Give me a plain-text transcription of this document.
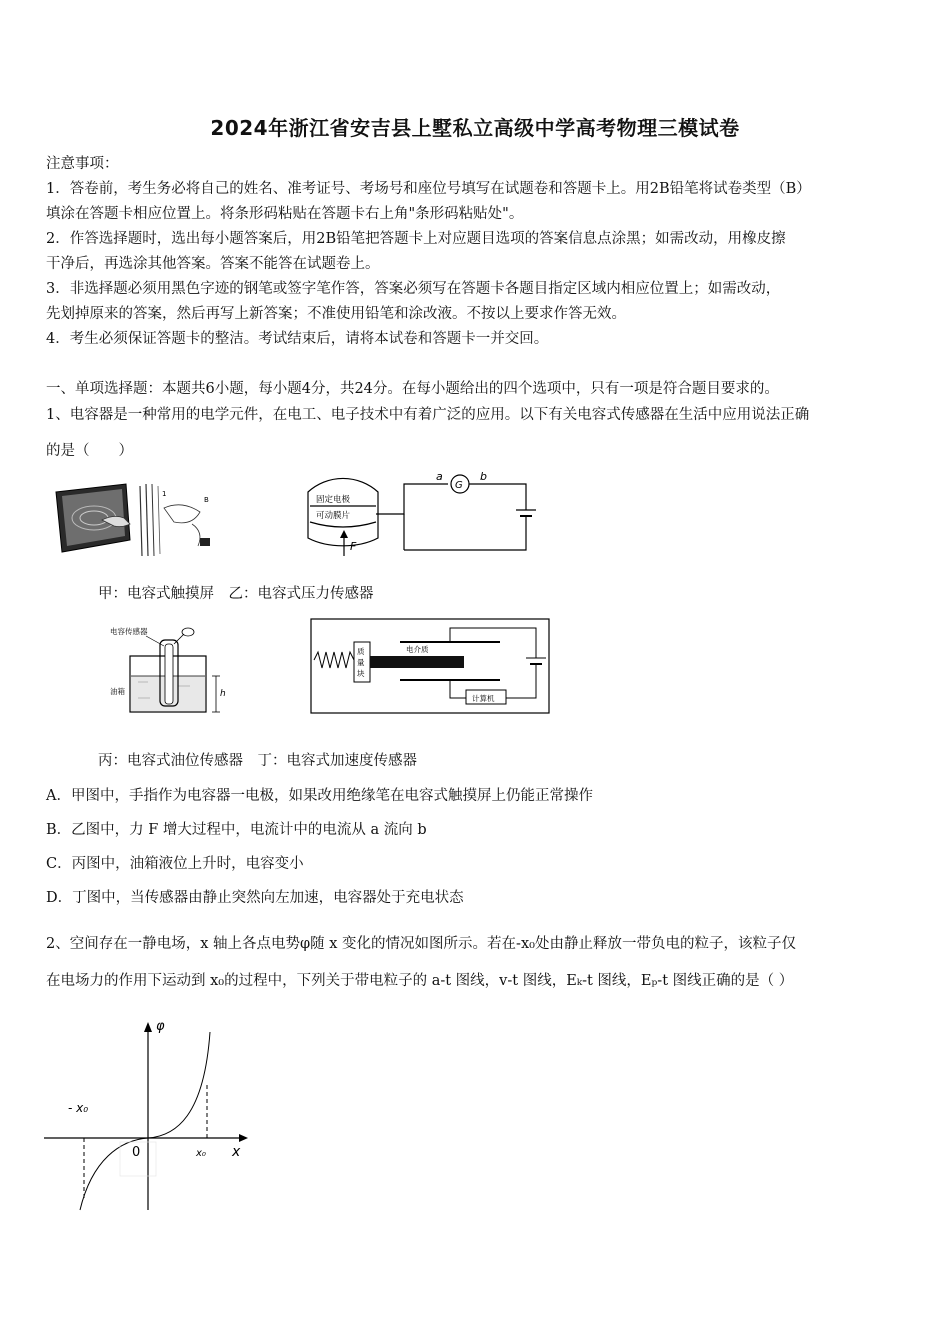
2024年浙江省安吉县上墅私立高级中学高考物理三模试卷
注意事项：
1．答卷前，考生务必将自己的姓名、准考证号、考场号和座位号填写在试题卷和答题卡上。用2B铅笔将试卷类型（B）
填涂在答题卡相应位置上。将条形码粘贴在答题卡右上角"条形码粘贴处"。
2．作答选择题时，选出每小题答案后，用2B铅笔把答题卡上对应题目选项的答案信息点涂黑；如需改动，用橡皮擦
干净后，再选涂其他答案。答案不能答在试题卷上。
3．非选择题必须用黑色字迹的钢笔或签字笔作答，答案必须写在答题卡各题目指定区域内相应位置上；如需改动，
先划掉原来的答案，然后再写上新答案；不准使用铅笔和涂改液。不按以上要求作答无效。
4．考生必须保证答题卡的整洁。考试结束后，请将本试卷和答题卡一并交回。
一、单项选择题：本题共6小题，每小题4分，共24分。在每小题给出的四个选项中，只有一项是符合题目要求的。
1、电容器是一种常用的电学元件，在电工、电子技术中有着广泛的应用。以下有关电容式传感器在生活中应用说法正确
的是（　　）
1
B	固定电极
可动膜片
F
G
a	b
甲：电容式触摸屏　乙：电容式压力传感器
电容传感器
油箱	h
质
量
块
电介质
计算机
丙：电容式油位传感器　丁：电容式加速度传感器
A．甲图中，手指作为电容器一电极，如果改用绝缘笔在电容式触摸屏上仍能正常操作
B．乙图中，力 F 增大过程中，电流计中的电流从 a 流向 b
C．丙图中，油箱液位上升时，电容变小
D．丁图中，当传感器由静止突然向左加速，电容器处于充电状态
2、空间存在一静电场，x 轴上各点电势φ随 x 变化的情况如图所示。若在-x₀处由静止释放一带负电的粒子，该粒子仅
在电场力的作用下运动到 x₀的过程中，下列关于带电粒子的 a-t 图线，v-t 图线，Eₖ-t 图线，Eₚ-t 图线正确的是（ ）
φ
x
0
- x₀
x₀
